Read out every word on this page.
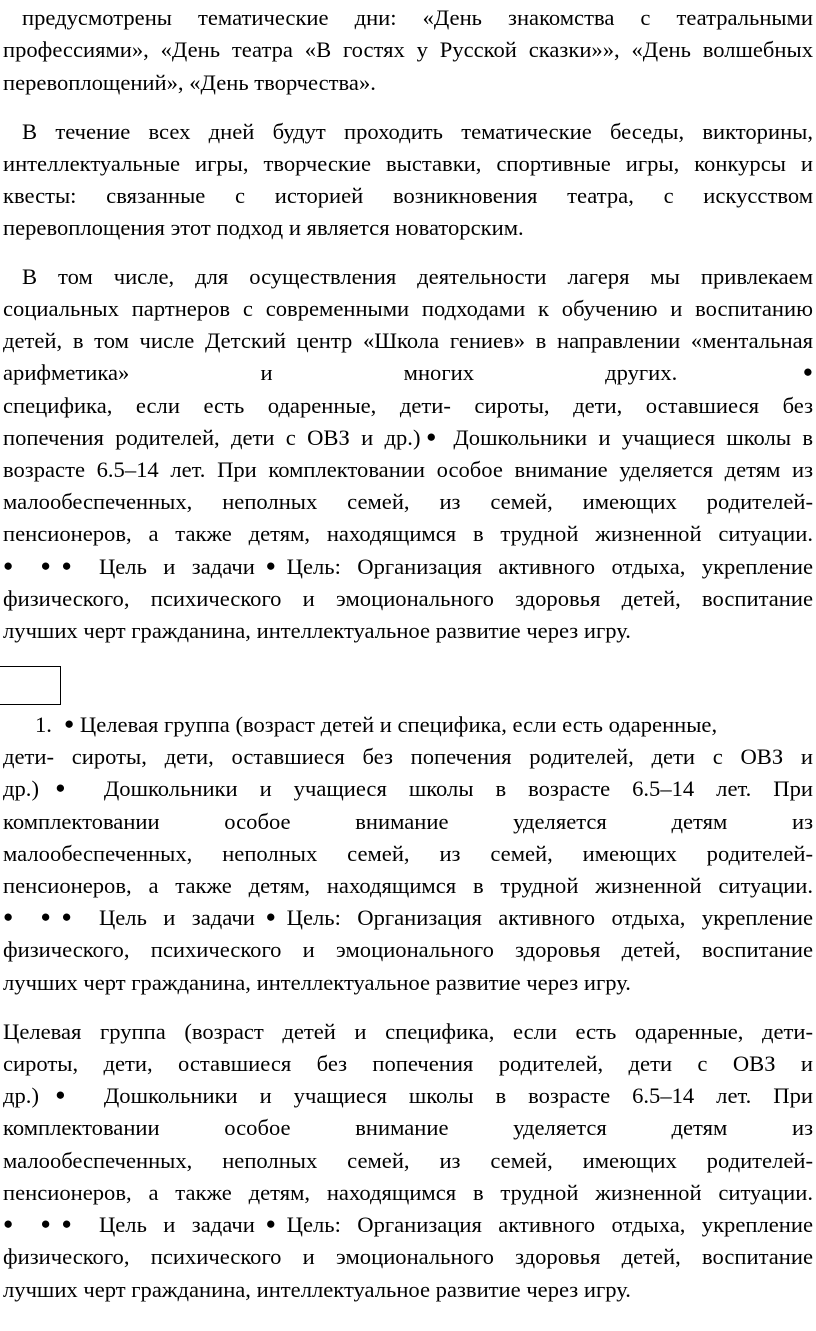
предусмотрены тематические дни: «День знакомства с театральными
профессиями», «День театра «В гостях у Русской сказки»», «День волшебных
перевоплощений», «День творчества».
В течение всех дней будут проходить тематические беседы, викторины,
интеллектуальные игры, творческие выставки, спортивные игры, конкурсы и
квесты: связанные с историей возникновения театра, с искусством
перевоплощения этот подход и является новаторским.
В том числе, для осуществления деятельности лагеря мы привлекаем
социальных партнеров с современными подходами к обучению и воспитанию
детей, в том числе Детский центр «Школа гениев» в направлении «ментальная
арифметика»	и	многих	других.●
специфика, если есть одаренные, дети- сироты, дети, оставшиеся без
попечения родителей, дети с ОВЗ и др.)● Дошкольники и учащиеся школы в
возрасте 6.5–14 лет. При комплектовании особое внимание уделяется детям из
малообеспеченных, неполных семей, из семей, имеющих родителей-
пенсионеров, а также детям, находящимся в трудной жизненной ситуации.
● ●● Цель и задачи●Цель: Организация активного отдыха, укрепление
физического, психического и эмоционального здоровья детей, воспитание
лучших черт гражданина, интеллектуальное развитие через игру.
1. ● Целевая группа (возраст детей и специфика, если есть одаренные,
дети- сироты, дети, оставшиеся без попечения родителей, дети с ОВЗ и
др.)● Дошкольники и учащиеся школы в возрасте 6.5–14 лет. При
комплектовании особое внимание уделяется детям из
малообеспеченных, неполных семей, из семей, имеющих родителей-
пенсионеров, а также детям, находящимся в трудной жизненной ситуации.
● ●● Цель и задачи●Цель: Организация активного отдыха, укрепление
физического, психического и эмоционального здоровья детей, воспитание
лучших черт гражданина, интеллектуальное развитие через игру.
Целевая группа (возраст детей и специфика, если есть одаренные, дети-
сироты, дети, оставшиеся без попечения родителей, дети с ОВЗ и
др.)● Дошкольники и учащиеся школы в возрасте 6.5–14 лет. При
комплектовании особое внимание уделяется детям из
малообеспеченных, неполных семей, из семей, имеющих родителей-
пенсионеров, а также детям, находящимся в трудной жизненной ситуации.
● ●● Цель и задачи●Цель: Организация активного отдыха, укрепление
физического, психического и эмоционального здоровья детей, воспитание
лучших черт гражданина, интеллектуальное развитие через игру.
